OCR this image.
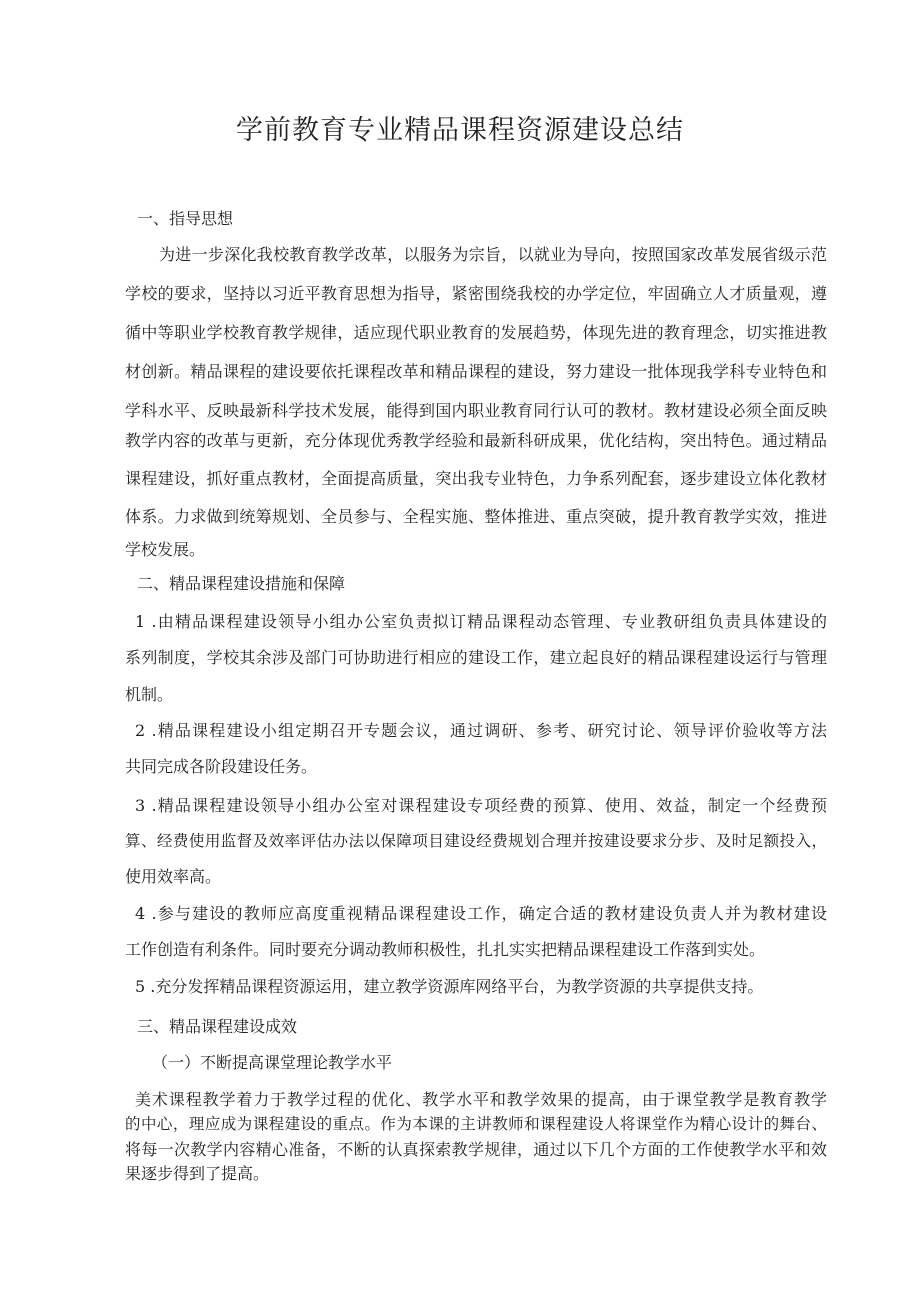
学前教育专业精品课程资源建设总结

一、指导思想

为进一步深化我校教育教学改革，以服务为宗旨，以就业为导向，按照国家改革发展省级示范

学校的要求，坚持以习近平教育思想为指导，紧密围绕我校的办学定位，牢固确立人才质量观，遵

循中等职业学校教育教学规律，适应现代职业教育的发展趋势，体现先进的教育理念，切实推进教

材创新。精品课程的建设要依托课程改革和精品课程的建设，努力建设一批体现我学科专业特色和

学科水平、反映最新科学技术发展，能得到国内职业教育同行认可的教材。教材建设必须全面反映

教学内容的改革与更新，充分体现优秀教学经验和最新科研成果，优化结构，突出特色。通过精品

课程建设，抓好重点教材，全面提高质量，突出我专业特色，力争系列配套，逐步建设立体化教材

体系。力求做到统筹规划、全员参与、全程实施、整体推进、重点突破，提升教育教学实效，推进

学校发展。

二、精品课程建设措施和保障

1 .由精品课程建设领导小组办公室负责拟订精品课程动态管理、专业教研组负责具体建设的

系列制度，学校其余涉及部门可协助进行相应的建设工作，建立起良好的精品课程建设运行与管理

机制。

2 .精品课程建设小组定期召开专题会议，通过调研、参考、研究讨论、领导评价验收等方法

共同完成各阶段建设任务。

3 .精品课程建设领导小组办公室对课程建设专项经费的预算、使用、效益，制定一个经费预

算、经费使用监督及效率评估办法以保障项目建设经费规划合理并按建设要求分步、及时足额投入，

使用效率高。

4 .参与建设的教师应高度重视精品课程建设工作，确定合适的教材建设负责人并为教材建设

工作创造有利条件。同时要充分调动教师积极性，扎扎实实把精品课程建设工作落到实处。

5 .充分发挥精品课程资源运用，建立教学资源库网络平台，为教学资源的共享提供支持。

三、精品课程建设成效

（一）不断提高课堂理论教学水平

美术课程教学着力于教学过程的优化、教学水平和教学效果的提高，由于课堂教学是教育教学

的中心，理应成为课程建设的重点。作为本课的主讲教师和课程建设人将课堂作为精心设计的舞台、

将每一次教学内容精心准备，不断的认真探索教学规律，通过以下几个方面的工作使教学水平和效

果逐步得到了提高。
